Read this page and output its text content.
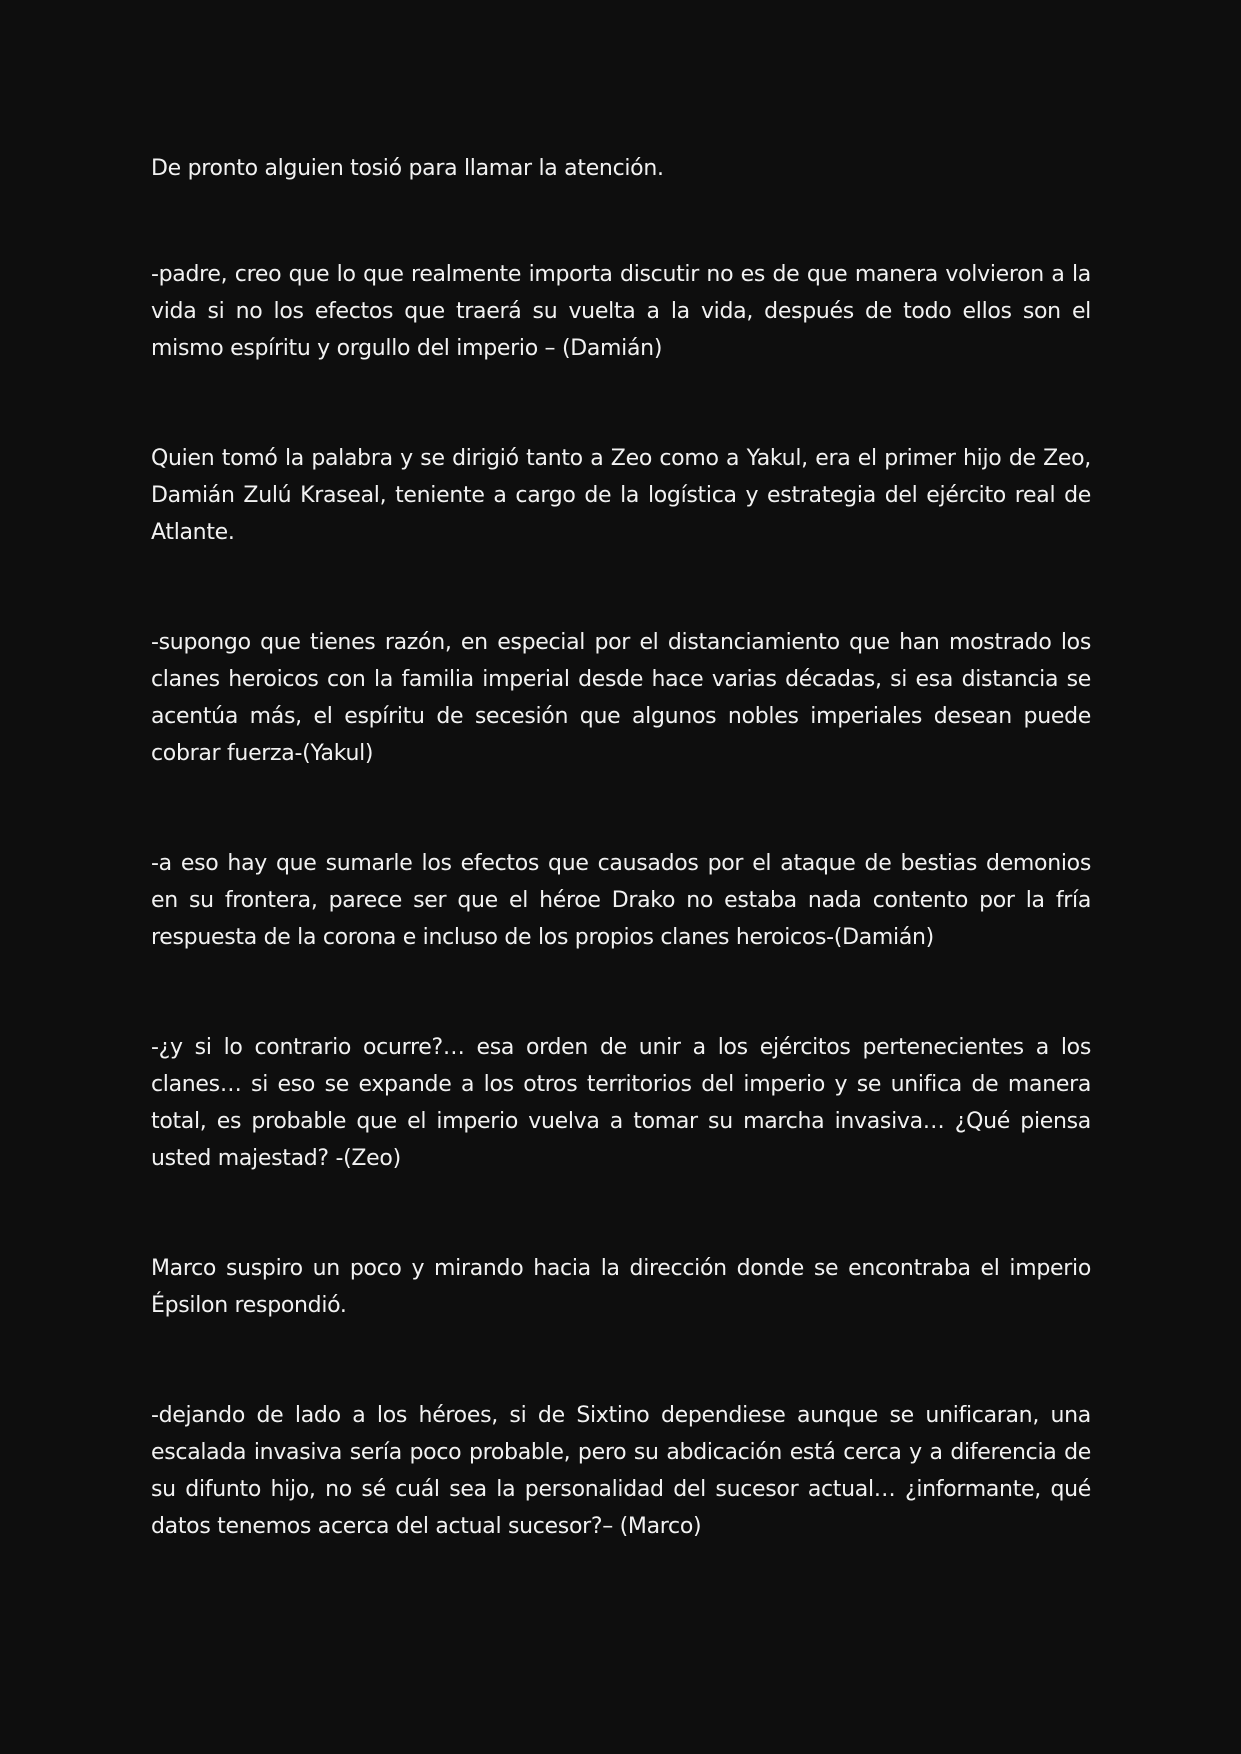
De pronto alguien tosió para llamar la atención.

-padre, creo que lo que realmente importa discutir no es de que manera volvieron a la vida si no los efectos que traerá su vuelta a la vida, después de todo ellos son el mismo espíritu y orgullo del imperio – (Damián)

Quien tomó la palabra y se dirigió tanto a Zeo como a Yakul, era el primer hijo de Zeo, Damián Zulú Kraseal, teniente a cargo de la logística y estrategia del ejército real de Atlante.

-supongo que tienes razón, en especial por el distanciamiento que han mostrado los clanes heroicos con la familia imperial desde hace varias décadas, si esa distancia se acentúa más, el espíritu de secesión que algunos nobles imperiales desean puede cobrar fuerza-(Yakul)

-a eso hay que sumarle los efectos que causados por el ataque de bestias demonios en su frontera, parece ser que el héroe Drako no estaba nada contento por la fría respuesta de la corona e incluso de los propios clanes heroicos-(Damián)

-¿y si lo contrario ocurre?… esa orden de unir a los ejércitos pertenecientes a los clanes… si eso se expande a los otros territorios del imperio y se unifica de manera total, es probable que el imperio vuelva a tomar su marcha invasiva… ¿Qué piensa usted majestad? -(Zeo)

Marco suspiro un poco y mirando hacia la dirección donde se encontraba el imperio Épsilon respondió.

-dejando de lado a los héroes, si de Sixtino dependiese aunque se unificaran, una escalada invasiva sería poco probable, pero su abdicación está cerca y a diferencia de su difunto hijo, no sé cuál sea la personalidad del sucesor actual… ¿informante, qué datos tenemos acerca del actual sucesor?– (Marco)
